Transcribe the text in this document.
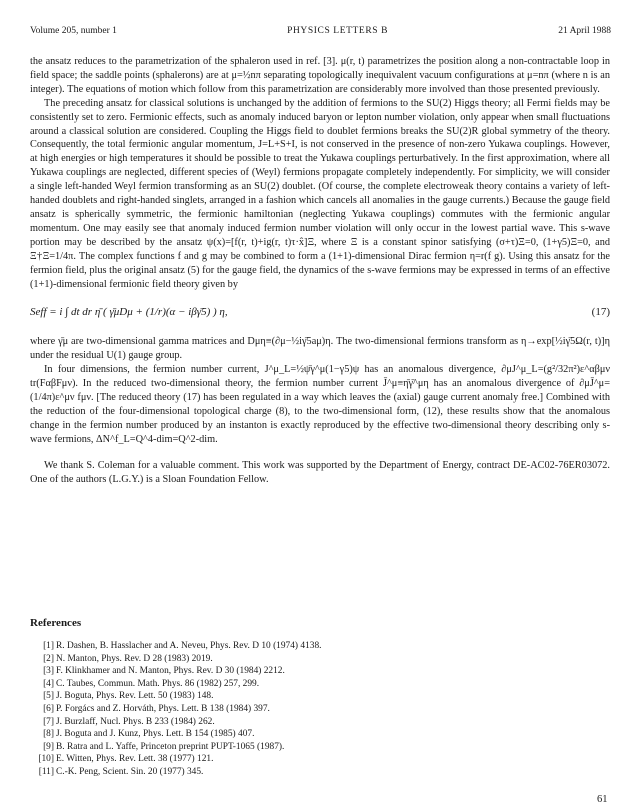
Volume 205, number 1	PHYSICS LETTERS B	21 April 1988

the ansatz reduces to the parametrization of the sphaleron used in ref. [3]. μ(r, t) parametrizes the position along a non-contractable loop in field space; the saddle points (sphalerons) are at μ=½nπ separating topologically inequivalent vacuum configurations at μ=nπ (where n is an integer). The equations of motion which follow from this parametrization are considerably more involved than those presented previously.

The preceding ansatz for classical solutions is unchanged by the addition of fermions to the SU(2) Higgs theory; all Fermi fields may be consistently set to zero. Fermionic effects, such as anomaly induced baryon or lepton number violation, only appear when small fluctuations around a classical solution are considered. Coupling the Higgs field to doublet fermions breaks the SU(2)R global symmetry of the theory. Consequently, the total fermionic angular momentum, J=L+S+I, is not conserved in the presence of non-zero Yukawa couplings. However, at high energies or high temperatures it should be possible to treat the Yukawa couplings perturbatively. In the first approximation, where all Yukawa couplings are neglected, different species of (Weyl) fermions propagate completely independently. For simplicity, we will consider a single left-handed Weyl fermion transforming as an SU(2) doublet. (Of course, the complete electroweak theory contains a variety of left-handed doublets and right-handed singlets, arranged in a fashion which cancels all anomalies in the gauge currents.) Because the gauge field ansatz is spherically symmetric, the fermionic hamiltonian (neglecting Yukawa couplings) commutes with the fermionic angular momentum. One may easily see that anomaly induced fermion number violation will only occur in the lowest partial wave. This s-wave portion may be described by the ansatz ψ(x)=[f(r, t)+ig(r, t)τ·x̂]Ξ, where Ξ is a constant spinor satisfying (σ+τ)Ξ=0, (1+γ5)Ξ=0, and Ξ†Ξ=1/4π. The complex functions f and g may be combined to form a (1+1)-dimensional Dirac fermion η=r(f g). Using this ansatz for the fermion field, plus the original ansatz (5) for the gauge field, the dynamics of the s-wave fermions may be expressed in terms of an effective (1+1)-dimensional fermionic field theory given by

Seff = i ∫ dt dr η̄ ( γ̄μDμ + (1/r)(α − iβγ̄5) ) η,	(17)

where γ̄μ are two-dimensional gamma matrices and Dμη≡(∂μ−½iγ̄5aμ)η. The two-dimensional fermions transform as η→exp[½iγ̄5Ω(r, t)]η under the residual U(1) gauge group.

In four dimensions, the fermion number current, J^μ_L=½ψ̄γ^μ(1−γ5)ψ has an anomalous divergence, ∂μJ^μ_L=(g²/32π²)ε^αβμν tr(FαβFμν). In the reduced two-dimensional theory, the fermion number current J̄^μ≡η̄γ̄^μη has an anomalous divergence of ∂μJ̄^μ=(1/4π)ε^μν fμν. [The reduced theory (17) has been regulated in a way which leaves the (axial) gauge current anomaly free.] Combined with the reduction of the four-dimensional topological charge (8), to the two-dimensional form, (12), these results show that the anomalous change in the fermion number produced by an instanton is exactly reproduced by the effective two-dimensional theory describing only s-wave fermions, ΔN^f_L=Q^4-dim=Q^2-dim.

We thank S. Coleman for a valuable comment. This work was supported by the Department of Energy, contract DE-AC02-76ER03072. One of the authors (L.G.Y.) is a Sloan Foundation Fellow.

References
[1] R. Dashen, B. Hasslacher and A. Neveu, Phys. Rev. D 10 (1974) 4138.
[2] N. Manton, Phys. Rev. D 28 (1983) 2019.
[3] F. Klinkhamer and N. Manton, Phys. Rev. D 30 (1984) 2212.
[4] C. Taubes, Commun. Math. Phys. 86 (1982) 257, 299.
[5] J. Boguta, Phys. Rev. Lett. 50 (1983) 148.
[6] P. Forgács and Z. Horváth, Phys. Lett. B 138 (1984) 397.
[7] J. Burzlaff, Nucl. Phys. B 233 (1984) 262.
[8] J. Boguta and J. Kunz, Phys. Lett. B 154 (1985) 407.
[9] B. Ratra and L. Yaffe, Princeton preprint PUPT-1065 (1987).
[10] E. Witten, Phys. Rev. Lett. 38 (1977) 121.
[11] C.-K. Peng, Scient. Sin. 20 (1977) 345.
61
